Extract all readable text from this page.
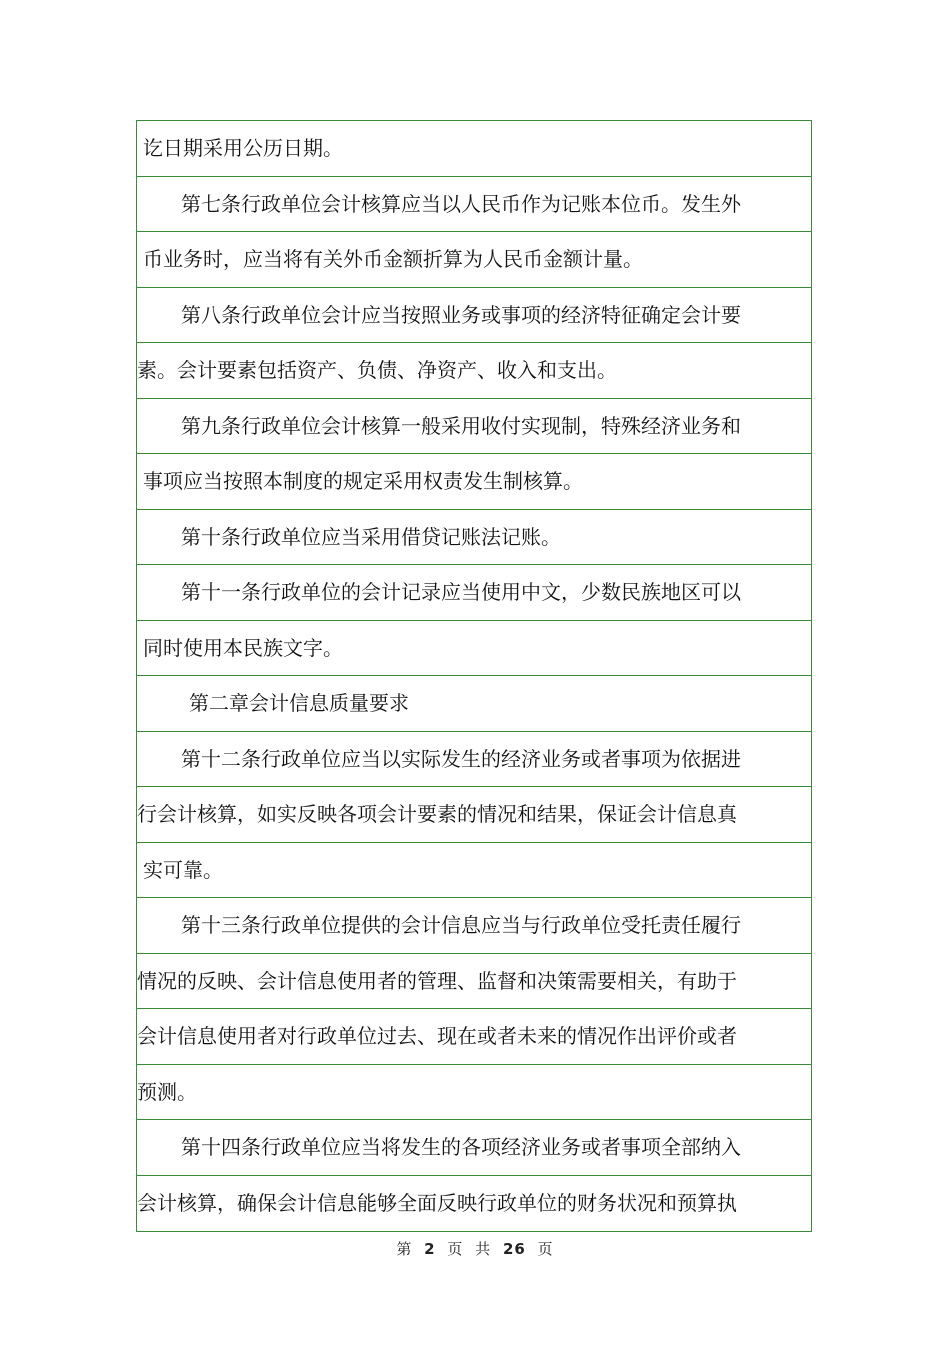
讫日期采用公历日期。
第七条行政单位会计核算应当以人民币作为记账本位币。发生外
币业务时，应当将有关外币金额折算为人民币金额计量。
第八条行政单位会计应当按照业务或事项的经济特征确定会计要
素。会计要素包括资产、负债、净资产、收入和支出。
第九条行政单位会计核算一般采用收付实现制，特殊经济业务和
事项应当按照本制度的规定采用权责发生制核算。
第十条行政单位应当采用借贷记账法记账。
第十一条行政单位的会计记录应当使用中文，少数民族地区可以
同时使用本民族文字。
第二章会计信息质量要求
第十二条行政单位应当以实际发生的经济业务或者事项为依据进
行会计核算，如实反映各项会计要素的情况和结果，保证会计信息真
实可靠。
第十三条行政单位提供的会计信息应当与行政单位受托责任履行
情况的反映、会计信息使用者的管理、监督和决策需要相关，有助于
会计信息使用者对行政单位过去、现在或者未来的情况作出评价或者
预测。
第十四条行政单位应当将发生的各项经济业务或者事项全部纳入
会计核算，确保会计信息能够全面反映行政单位的财务状况和预算执
第 2 页 共 26 页
